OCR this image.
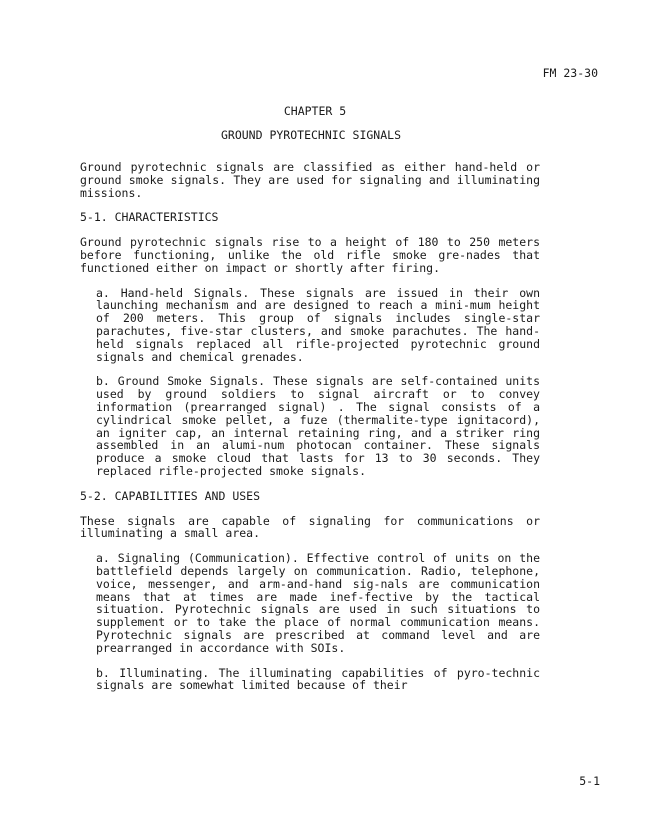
FM 23-30

CHAPTER 5
GROUND PYROTECHNIC SIGNALS

Ground pyrotechnic signals are classified as either hand-held or ground smoke signals. They are used for signaling and illuminating missions.

5-1. CHARACTERISTICS

Ground pyrotechnic signals rise to a height of 180 to 250 meters before functioning, unlike the old rifle smoke gre-nades that functioned either on impact or shortly after firing.

a. Hand-held Signals. These signals are issued in their own launching mechanism and are designed to reach a mini-mum height of 200 meters. This group of signals includes single-star parachutes, five-star clusters, and smoke parachutes. The hand-held signals replaced all rifle-projected pyrotechnic ground signals and chemical grenades.

b. Ground Smoke Signals. These signals are self-contained units used by ground soldiers to signal aircraft or to convey information (prearranged signal) . The signal consists of a cylindrical smoke pellet, a fuze (thermalite-type ignitacord), an igniter cap, an internal retaining ring, and a striker ring assembled in an alumi-num photocan container. These signals produce a smoke cloud that lasts for 13 to 30 seconds. They replaced rifle-projected smoke signals.

5-2. CAPABILITIES AND USES

These signals are capable of signaling for communications or illuminating a small area.

a. Signaling (Communication). Effective control of units on the battlefield depends largely on communication. Radio, telephone, voice, messenger, and arm-and-hand sig-nals are communication means that at times are made inef-fective by the tactical situation. Pyrotechnic signals are used in such situations to supplement or to take the place of normal communication means. Pyrotechnic signals are prescribed at command level and are prearranged in accordance with SOIs.

b. Illuminating. The illuminating capabilities of pyro-technic signals are somewhat limited because of their

5-1
